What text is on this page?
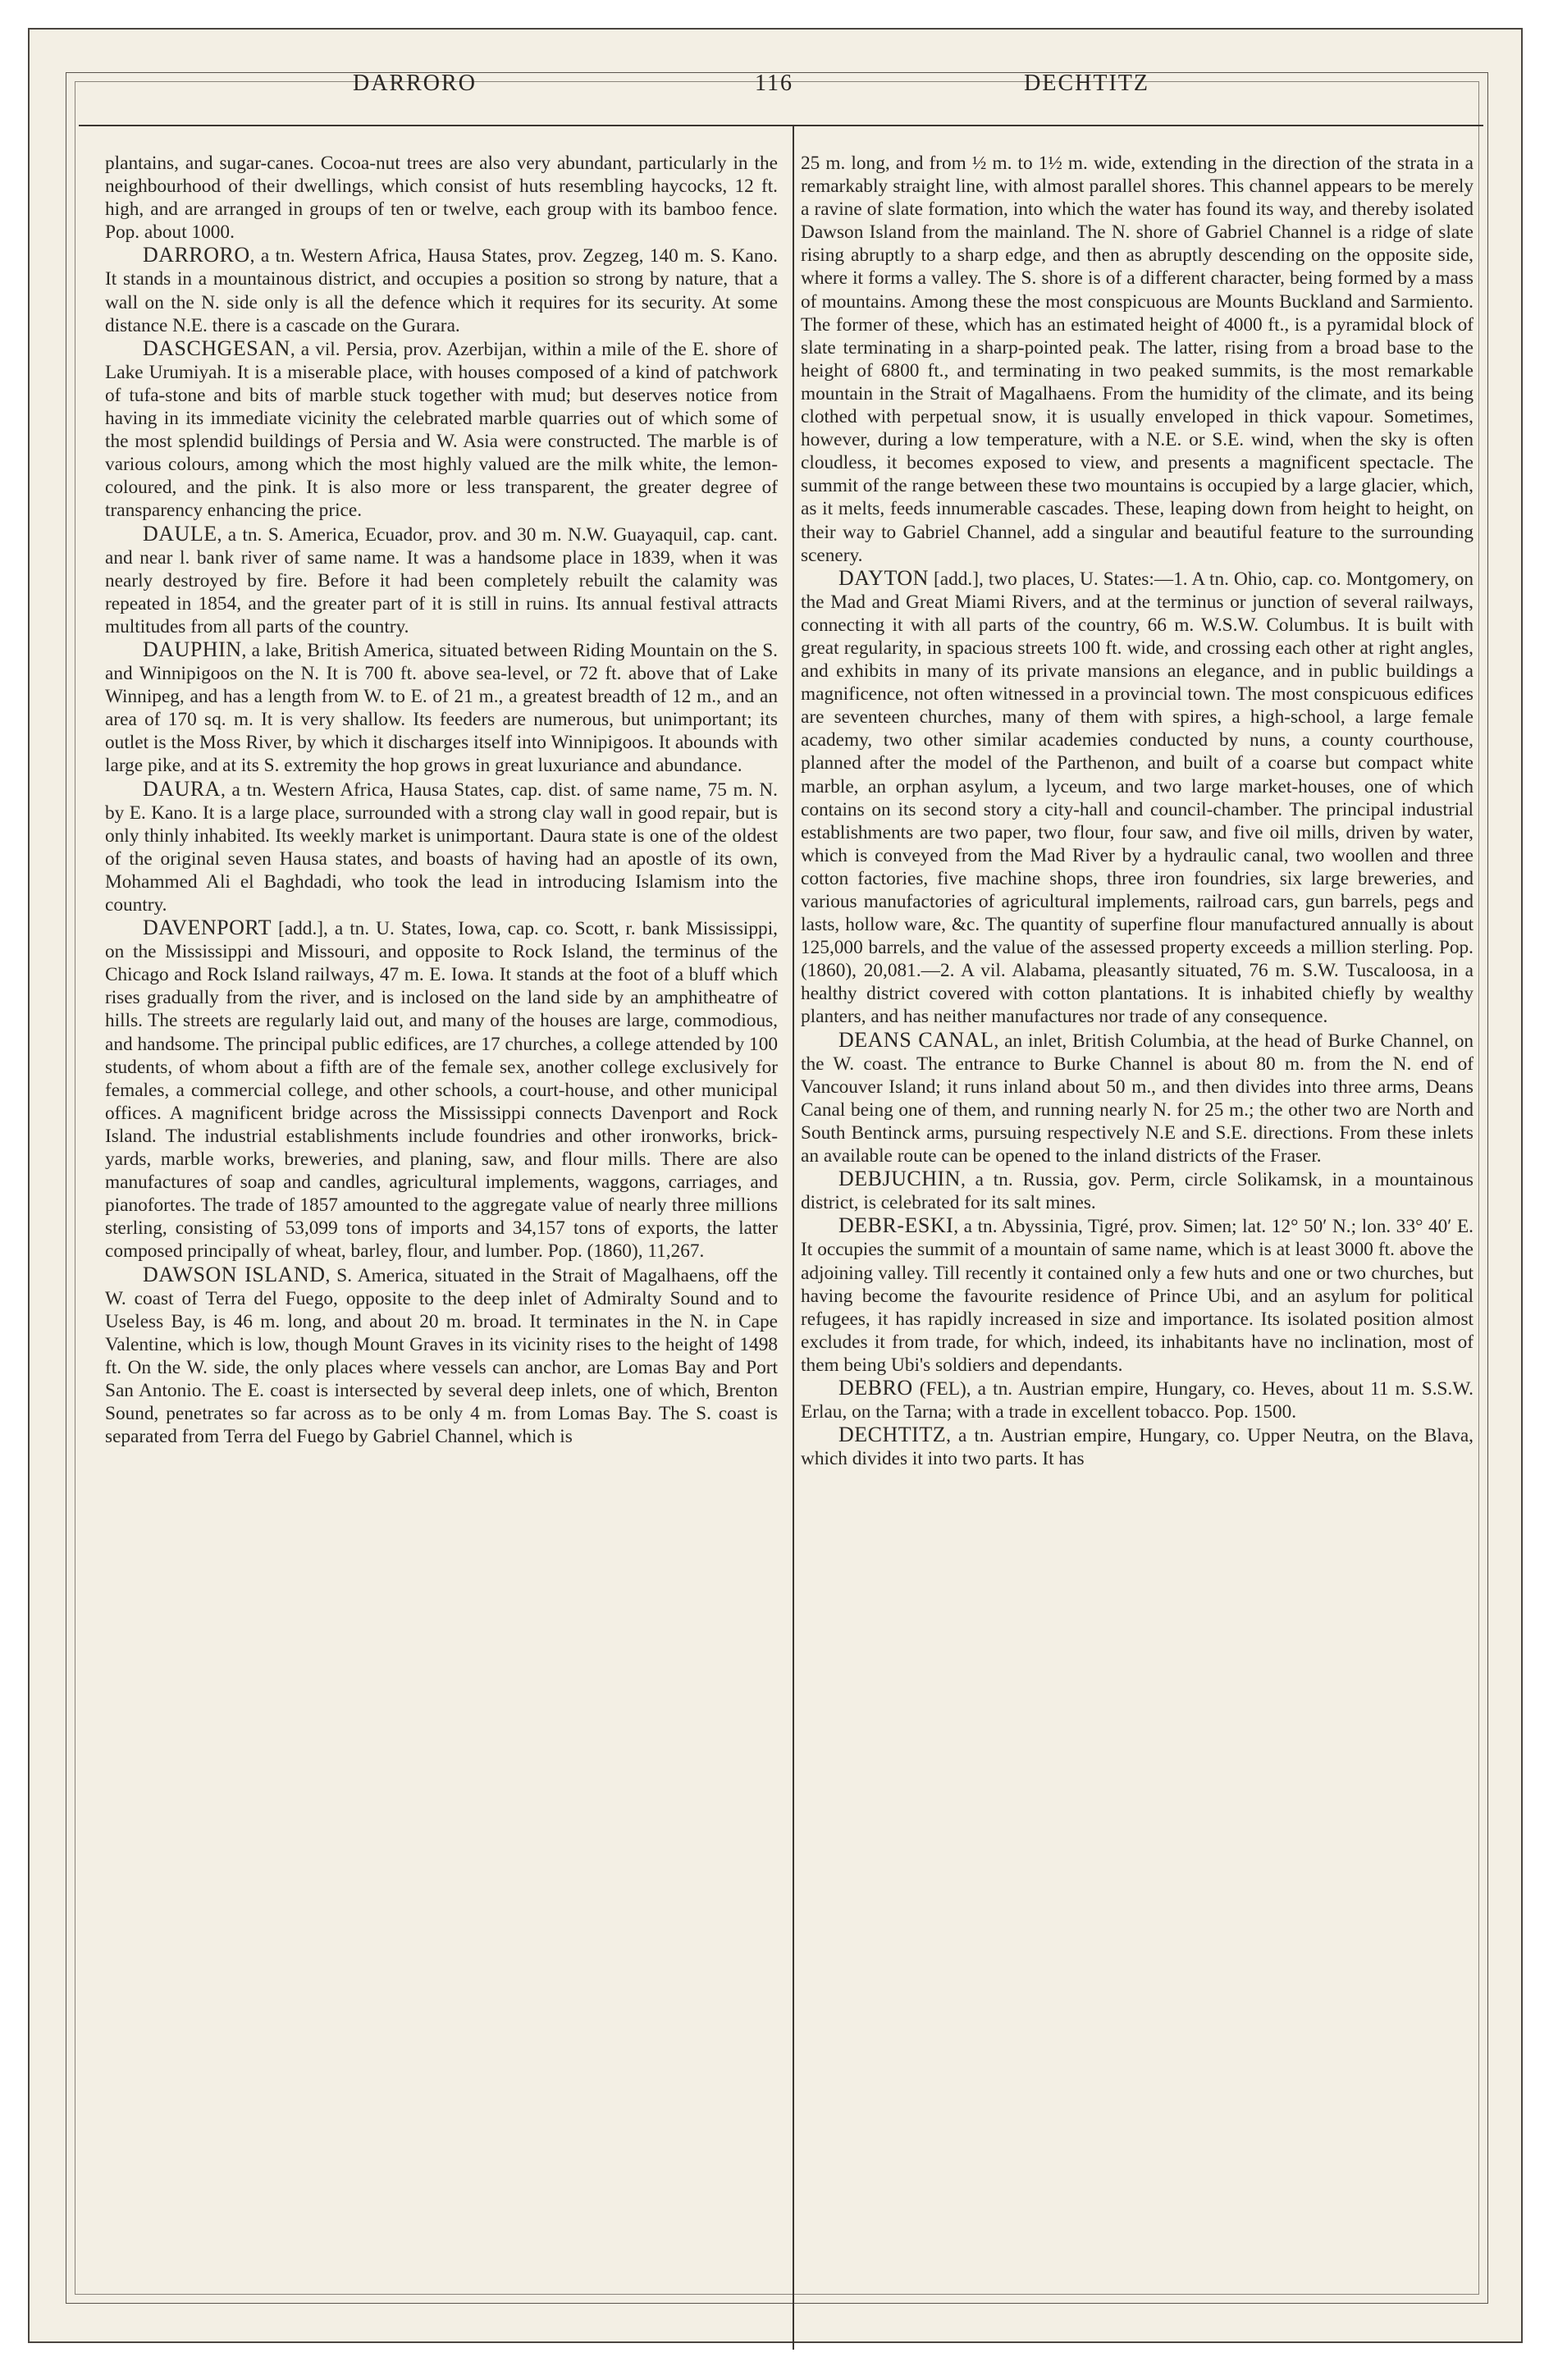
DARRORO	116	DECHTITZ

plantains, and sugar-canes. Cocoa-nut trees are also very abundant, particularly in the neighbourhood of their dwellings, which consist of huts resembling haycocks, 12 ft. high, and are arranged in groups of ten or twelve, each group with its bamboo fence. Pop. about 1000.

DARRORO, a tn. Western Africa, Hausa States, prov. Zegzeg, 140 m. S. Kano. It stands in a mountainous district, and occupies a position so strong by nature, that a wall on the N. side only is all the defence which it requires for its security. At some distance N.E. there is a cascade on the Gurara.

DASCHGESAN, a vil. Persia, prov. Azerbijan, within a mile of the E. shore of Lake Urumiyah. It is a miserable place, with houses composed of a kind of patchwork of tufa-stone and bits of marble stuck together with mud; but deserves notice from having in its immediate vicinity the celebrated marble quarries out of which some of the most splendid buildings of Persia and W. Asia were constructed. The marble is of various colours, among which the most highly valued are the milk white, the lemon-coloured, and the pink. It is also more or less transparent, the greater degree of transparency enhancing the price.

DAULE, a tn. S. America, Ecuador, prov. and 30 m. N.W. Guayaquil, cap. cant. and near l. bank river of same name. It was a handsome place in 1839, when it was nearly destroyed by fire. Before it had been completely rebuilt the calamity was repeated in 1854, and the greater part of it is still in ruins. Its annual festival attracts multitudes from all parts of the country.

DAUPHIN, a lake, British America, situated between Riding Mountain on the S. and Winnipigoos on the N. It is 700 ft. above sea-level, or 72 ft. above that of Lake Winnipeg, and has a length from W. to E. of 21 m., a greatest breadth of 12 m., and an area of 170 sq. m. It is very shallow. Its feeders are numerous, but unimportant; its outlet is the Moss River, by which it discharges itself into Winnipigoos. It abounds with large pike, and at its S. extremity the hop grows in great luxuriance and abundance.

DAURA, a tn. Western Africa, Hausa States, cap. dist. of same name, 75 m. N. by E. Kano. It is a large place, surrounded with a strong clay wall in good repair, but is only thinly inhabited. Its weekly market is unimportant. Daura state is one of the oldest of the original seven Hausa states, and boasts of having had an apostle of its own, Mohammed Ali el Baghdadi, who took the lead in introducing Islamism into the country.

DAVENPORT [add.], a tn. U. States, Iowa, cap. co. Scott, r. bank Mississippi, on the Mississippi and Missouri, and opposite to Rock Island, the terminus of the Chicago and Rock Island railways, 47 m. E. Iowa. It stands at the foot of a bluff which rises gradually from the river, and is inclosed on the land side by an amphitheatre of hills. The streets are regularly laid out, and many of the houses are large, commodious, and handsome. The principal public edifices, are 17 churches, a college attended by 100 students, of whom about a fifth are of the female sex, another college exclusively for females, a commercial college, and other schools, a court-house, and other municipal offices. A magnificent bridge across the Mississippi connects Davenport and Rock Island. The industrial establishments include foundries and other ironworks, brick-yards, marble works, breweries, and planing, saw, and flour mills. There are also manufactures of soap and candles, agricultural implements, waggons, carriages, and pianofortes. The trade of 1857 amounted to the aggregate value of nearly three millions sterling, consisting of 53,099 tons of imports and 34,157 tons of exports, the latter composed principally of wheat, barley, flour, and lumber. Pop. (1860), 11,267.

DAWSON ISLAND, S. America, situated in the Strait of Magalhaens, off the W. coast of Terra del Fuego, opposite to the deep inlet of Admiralty Sound and to Useless Bay, is 46 m. long, and about 20 m. broad. It terminates in the N. in Cape Valentine, which is low, though Mount Graves in its vicinity rises to the height of 1498 ft. On the W. side, the only places where vessels can anchor, are Lomas Bay and Port San Antonio. The E. coast is intersected by several deep inlets, one of which, Brenton Sound, penetrates so far across as to be only 4 m. from Lomas Bay. The S. coast is separated from Terra del Fuego by Gabriel Channel, which is

25 m. long, and from ½ m. to 1½ m. wide, extending in the direction of the strata in a remarkably straight line, with almost parallel shores. This channel appears to be merely a ravine of slate formation, into which the water has found its way, and thereby isolated Dawson Island from the mainland. The N. shore of Gabriel Channel is a ridge of slate rising abruptly to a sharp edge, and then as abruptly descending on the opposite side, where it forms a valley. The S. shore is of a different character, being formed by a mass of mountains. Among these the most conspicuous are Mounts Buckland and Sarmiento. The former of these, which has an estimated height of 4000 ft., is a pyramidal block of slate terminating in a sharp-pointed peak. The latter, rising from a broad base to the height of 6800 ft., and terminating in two peaked summits, is the most remarkable mountain in the Strait of Magalhaens. From the humidity of the climate, and its being clothed with perpetual snow, it is usually enveloped in thick vapour. Sometimes, however, during a low temperature, with a N.E. or S.E. wind, when the sky is often cloudless, it becomes exposed to view, and presents a magnificent spectacle. The summit of the range between these two mountains is occupied by a large glacier, which, as it melts, feeds innumerable cascades. These, leaping down from height to height, on their way to Gabriel Channel, add a singular and beautiful feature to the surrounding scenery.

DAYTON [add.], two places, U. States:—1. A tn. Ohio, cap. co. Montgomery, on the Mad and Great Miami Rivers, and at the terminus or junction of several railways, connecting it with all parts of the country, 66 m. W.S.W. Columbus. It is built with great regularity, in spacious streets 100 ft. wide, and crossing each other at right angles, and exhibits in many of its private mansions an elegance, and in public buildings a magnificence, not often witnessed in a provincial town. The most conspicuous edifices are seventeen churches, many of them with spires, a high-school, a large female academy, two other similar academies conducted by nuns, a county courthouse, planned after the model of the Parthenon, and built of a coarse but compact white marble, an orphan asylum, a lyceum, and two large market-houses, one of which contains on its second story a city-hall and council-chamber. The principal industrial establishments are two paper, two flour, four saw, and five oil mills, driven by water, which is conveyed from the Mad River by a hydraulic canal, two woollen and three cotton factories, five machine shops, three iron foundries, six large breweries, and various manufactories of agricultural implements, railroad cars, gun barrels, pegs and lasts, hollow ware, &c. The quantity of superfine flour manufactured annually is about 125,000 barrels, and the value of the assessed property exceeds a million sterling. Pop. (1860), 20,081.—2. A vil. Alabama, pleasantly situated, 76 m. S.W. Tuscaloosa, in a healthy district covered with cotton plantations. It is inhabited chiefly by wealthy planters, and has neither manufactures nor trade of any consequence.

DEANS CANAL, an inlet, British Columbia, at the head of Burke Channel, on the W. coast. The entrance to Burke Channel is about 80 m. from the N. end of Vancouver Island; it runs inland about 50 m., and then divides into three arms, Deans Canal being one of them, and running nearly N. for 25 m.; the other two are North and South Bentinck arms, pursuing respectively N.E and S.E. directions. From these inlets an available route can be opened to the inland districts of the Fraser.

DEBJUCHIN, a tn. Russia, gov. Perm, circle Solikamsk, in a mountainous district, is celebrated for its salt mines.

DEBR-ESKI, a tn. Abyssinia, Tigré, prov. Simen; lat. 12° 50′ N.; lon. 33° 40′ E. It occupies the summit of a mountain of same name, which is at least 3000 ft. above the adjoining valley. Till recently it contained only a few huts and one or two churches, but having become the favourite residence of Prince Ubi, and an asylum for political refugees, it has rapidly increased in size and importance. Its isolated position almost excludes it from trade, for which, indeed, its inhabitants have no inclination, most of them being Ubi's soldiers and dependants.

DEBRO (FEL), a tn. Austrian empire, Hungary, co. Heves, about 11 m. S.S.W. Erlau, on the Tarna; with a trade in excellent tobacco. Pop. 1500.

DECHTITZ, a tn. Austrian empire, Hungary, co. Upper Neutra, on the Blava, which divides it into two parts. It has
